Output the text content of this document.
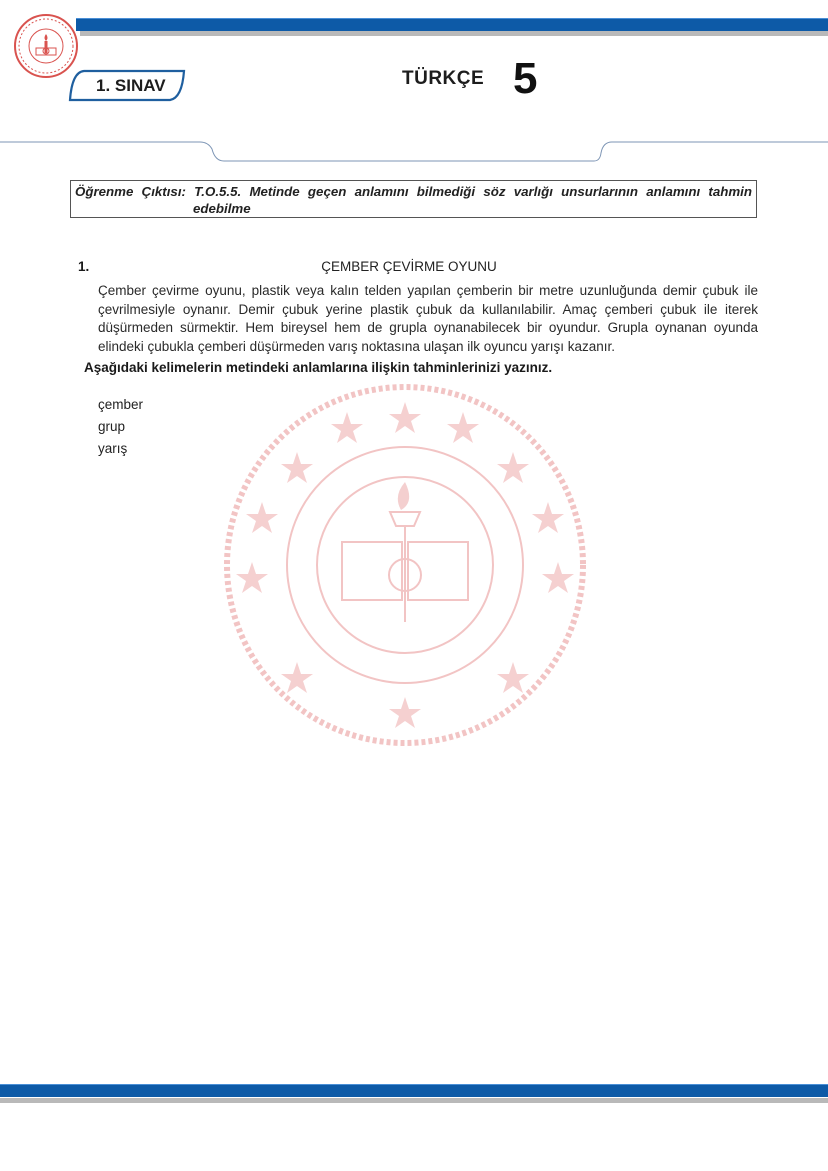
1. SINAV	TÜRKÇE 5
Öğrenme Çıktısı: T.O.5.5. Metinde geçen anlamını bilmediği söz varlığı unsurlarının anlamını tahmin
edebilme
1.	ÇEMBER ÇEVİRME OYUNU
Çember çevirme oyunu, plastik veya kalın telden yapılan çemberin bir metre uzunluğunda demir çubuk ile çevrilmesiyle oynanır. Demir çubuk yerine plastik çubuk da kullanılabilir. Amaç çemberi çubuk ile iterek düşürmeden sürmektir. Hem bireysel hem de grupla oynanabilecek bir oyundur. Grupla oynanan oyunda elindeki çubukla çemberi düşürmeden varış noktasına ulaşan ilk oyuncu yarışı kazanır.
Aşağıdaki kelimelerin metindeki anlamlarına ilişkin tahminlerinizi yazınız.
çember
grup
yarış
